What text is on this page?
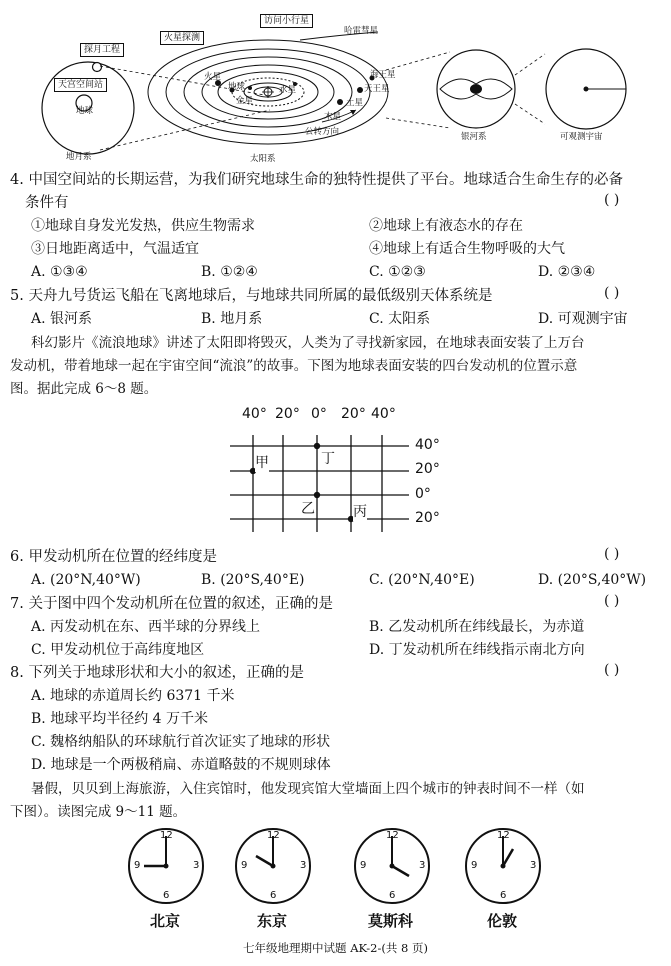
地球
天宫空间站
探月工程
地月系
火星探测
访问小行星
哈雷彗星
海王星
天王星
土星
木星
火星
地球
金星
水星
公转方向
太阳系
银河系	可观测宇宙
4. 中国空间站的长期运营，为我们研究地球生命的独特性提供了平台。地球适合生命生存的必备
条件有	( )
①地球自身发光发热，供应生物需求	②地球上有液态水的存在
③日地距离适中，气温适宜	④地球上有适合生物呼吸的大气
A. ①③④	B. ①②④	C. ①②③	D. ②③④
5. 天舟九号货运飞船在飞离地球后，与地球共同所属的最低级别天体系统是	( )
A. 银河系	B. 地月系	C. 太阳系	D. 可观测宇宙
科幻影片《流浪地球》讲述了太阳即将毁灭，人类为了寻找新家园，在地球表面安装了上万台
发动机，带着地球一起在宇宙空间“流浪”的故事。下图为地球表面安装的四台发动机的位置示意
图。据此完成 6～8 题。
40° 20° 0° 20° 40°
40°
20°
0°
20°
甲
乙	丙
丁
6. 甲发动机所在位置的经纬度是	( )
A. (20°N,40°W)	B. (20°S,40°E)	C. (20°N,40°E)	D. (20°S,40°W)
7. 关于图中四个发动机所在位置的叙述，正确的是	( )
A. 丙发动机在东、西半球的分界线上	B. 乙发动机所在纬线最长，为赤道
C. 甲发动机位于高纬度地区	D. 丁发动机所在纬线指示南北方向
8. 下列关于地球形状和大小的叙述，正确的是	( )
A. 地球的赤道周长约 6371 千米
B. 地球平均半径约 4 万千米
C. 魏格纳船队的环球航行首次证实了地球的形状
D. 地球是一个两极稍扁、赤道略鼓的不规则球体
暑假，贝贝到上海旅游，入住宾馆时，他发现宾馆大堂墙面上四个城市的钟表时间不一样（如
下图）。读图完成 9～11 题。
12
3
6
9
12
3
6
9
12
3
6
9
12
3
6
9
北京	东京	莫斯科	伦敦
七年级地理期中试题 AK-2-(共 8 页)
